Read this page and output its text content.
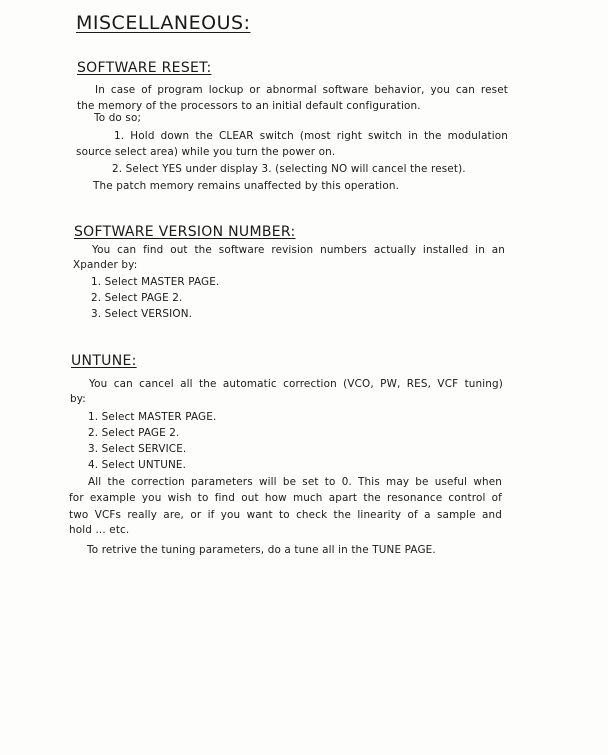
MISCELLANEOUS:
SOFTWARE RESET:
In case of program lockup or abnormal software behavior, you can reset
the memory of the processors to an initial default configuration.
To do so;
1. Hold down the CLEAR switch (most right switch in the modulation
source select area) while you turn the power on.
2. Select YES under display 3. (selecting NO will cancel the reset).
The patch memory remains unaffected by this operation.
SOFTWARE VERSION NUMBER:
You can find out the software revision numbers actually installed in an
Xpander by:
1. Select MASTER PAGE.
2. Select PAGE 2.
3. Select VERSION.
UNTUNE:
You can cancel all the automatic correction (VCO, PW, RES, VCF tuning)
by:
1. Select MASTER PAGE.
2. Select PAGE 2.
3. Select SERVICE.
4. Select UNTUNE.
All the correction parameters will be set to 0. This may be useful when
for example you wish to find out how much apart the resonance control of
two VCFs really are, or if you want to check the linearity of a sample and
hold ... etc.
To retrive the tuning parameters, do a tune all in the TUNE PAGE.
